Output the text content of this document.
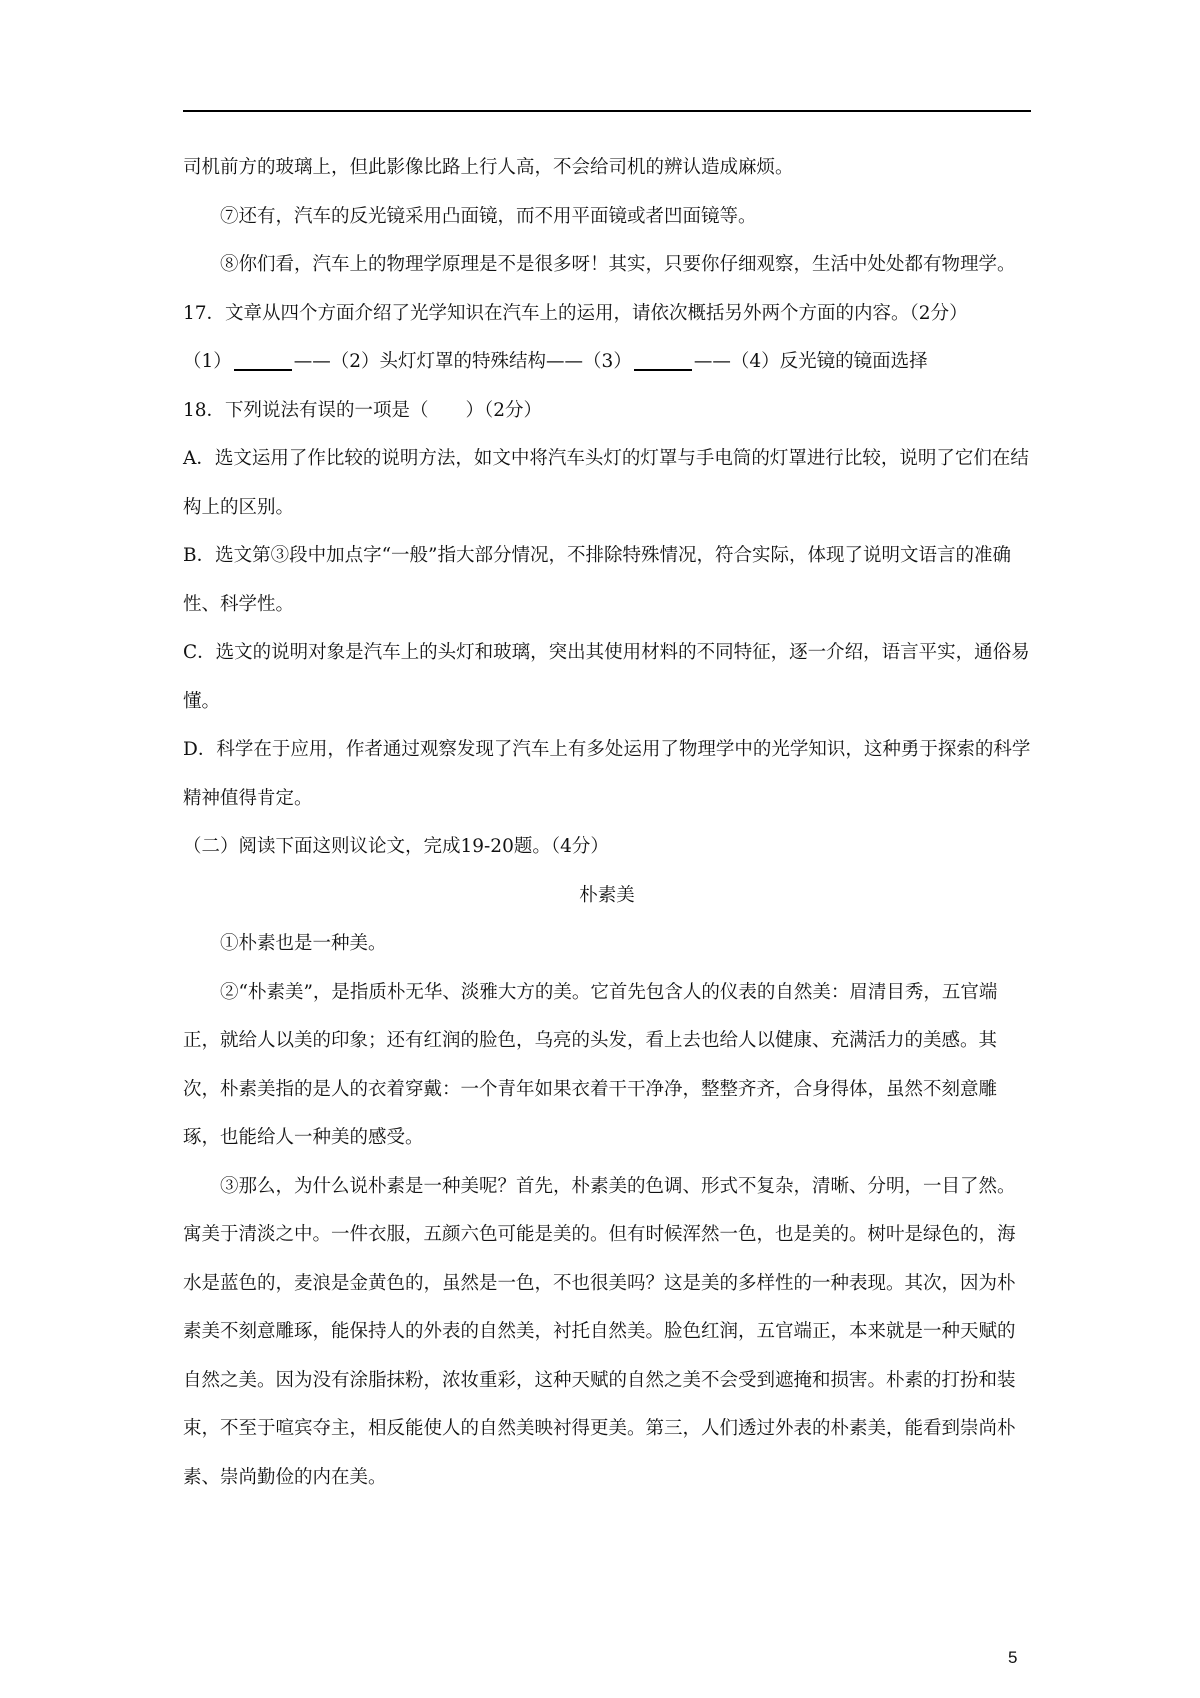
司机前方的玻璃上，但此影像比路上行人高，不会给司机的辨认造成麻烦。

⑦还有，汽车的反光镜采用凸面镜，而不用平面镜或者凹面镜等。

⑧你们看，汽车上的物理学原理是不是很多呀！其实，只要你仔细观察，生活中处处都有物理学。

17．文章从四个方面介绍了光学知识在汽车上的运用，请依次概括另外两个方面的内容。（2分）

（1）	——（2）头灯灯罩的特殊结构——（3）	——（4）反光镜的镜面选择

18．下列说法有误的一项是（　　）（2分）

A．选文运用了作比较的说明方法，如文中将汽车头灯的灯罩与手电筒的灯罩进行比较，说明了它们在结构上的区别。

B．选文第③段中加点字“一般”指大部分情况，不排除特殊情况，符合实际，体现了说明文语言的准确性、科学性。

C．选文的说明对象是汽车上的头灯和玻璃，突出其使用材料的不同特征，逐一介绍，语言平实，通俗易懂。

D．科学在于应用，作者通过观察发现了汽车上有多处运用了物理学中的光学知识，这种勇于探索的科学精神值得肯定。

（二）阅读下面这则议论文，完成19-20题。（4分）

朴素美

①朴素也是一种美。

②“朴素美”，是指质朴无华、淡雅大方的美。它首先包含人的仪表的自然美：眉清目秀，五官端正，就给人以美的印象；还有红润的脸色，乌亮的头发，看上去也给人以健康、充满活力的美感。其次，朴素美指的是人的衣着穿戴：一个青年如果衣着干干净净，整整齐齐，合身得体，虽然不刻意雕琢，也能给人一种美的感受。

③那么，为什么说朴素是一种美呢？首先，朴素美的色调、形式不复杂，清晰、分明，一目了然。寓美于清淡之中。一件衣服，五颜六色可能是美的。但有时候浑然一色，也是美的。树叶是绿色的，海水是蓝色的，麦浪是金黄色的，虽然是一色，不也很美吗？这是美的多样性的一种表现。其次，因为朴素美不刻意雕琢，能保持人的外表的自然美，衬托自然美。脸色红润，五官端正，本来就是一种天赋的自然之美。因为没有涂脂抹粉，浓妆重彩，这种天赋的自然之美不会受到遮掩和损害。朴素的打扮和装束，不至于喧宾夺主，相反能使人的自然美映衬得更美。第三，人们透过外表的朴素美，能看到崇尚朴素、崇尚勤俭的内在美。

5
